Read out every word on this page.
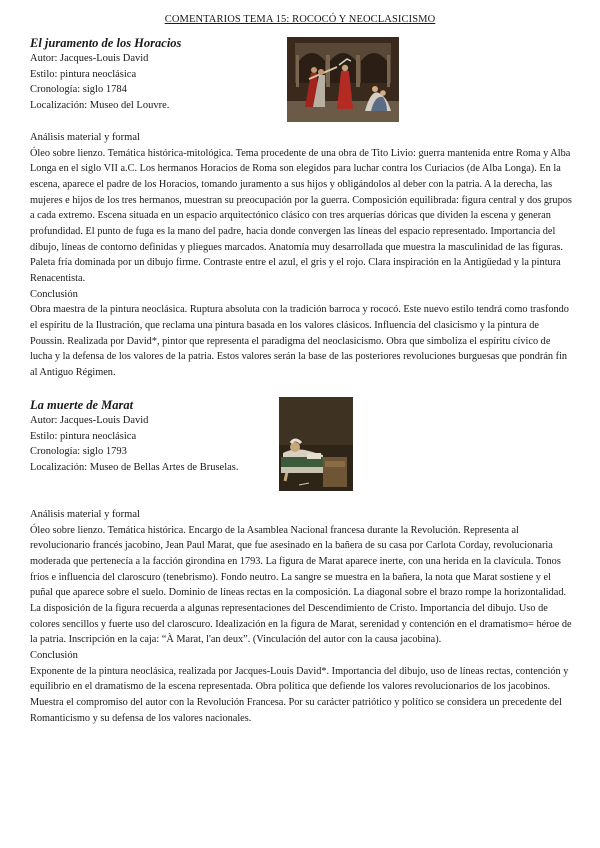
COMENTARIOS TEMA 15: ROCOCÓ Y NEOCLASICISMO
El juramento de los Horacios
Autor: Jacques-Louis David
Estilo: pintura neoclásica
Cronología: siglo 1784
Localización: Museo del Louvre.
Análisis material y formal

Óleo sobre lienzo. Temática histórica-mitológica. Tema procedente de una obra de Tito Livio: guerra mantenida entre Roma y Alba Longa en el siglo VII a.C. Los hermanos Horacios de Roma son elegidos para luchar contra los Curiacios (de Alba Longa). En la escena, aparece el padre de los Horacios, tomando juramento a sus hijos y obligándolos al deber con la patria. A la derecha, las mujeres e hijos de los tres hermanos, muestran su preocupación por la guerra. Composición equilibrada: figura central y dos grupos a cada extremo. Escena situada en un espacio arquitectónico clásico con tres arquerías dóricas que dividen la escena y generan profundidad. El punto de fuga es la mano del padre, hacia donde convergen las líneas del espacio representado. Importancia del dibujo, líneas de contorno definidas y pliegues marcados. Anatomía muy desarrollada que muestra la masculinidad de las figuras. Paleta fría dominada por un dibujo firme. Contraste entre el azul, el gris y el rojo. Clara inspiración en la Antigüedad y la pintura Renacentista.

Conclusión

Obra maestra de la pintura neoclásica. Ruptura absoluta con la tradición barroca y rococó. Este nuevo estilo tendrá como trasfondo el espíritu de la Ilustración, que reclama una pintura basada en los valores clásicos. Influencia del clasicismo y la pintura de Poussin. Realizada por David*, pintor que representa el paradigma del neoclasicismo. Obra que simboliza el espíritu cívico de lucha y la defensa de los valores de la patria. Estos valores serán la base de las posteriores revoluciones burguesas que pondrán fin al Antiguo Régimen.

La muerte de Marat
Autor: Jacques-Louis David
Estilo: pintura neoclásica
Cronología: siglo 1793
Localización: Museo de Bellas Artes de Bruselas.
Análisis material y formal

Óleo sobre lienzo. Temática histórica. Encargo de la Asamblea Nacional francesa durante la Revolución. Representa al revolucionario francés jacobino, Jean Paul Marat, que fue asesinado en la bañera de su casa por Carlota Corday, revolucionaria moderada que pertenecía a la facción girondina en 1793. La figura de Marat aparece inerte, con una herida en la clavícula. Tonos fríos e influencia del claroscuro (tenebrismo). Fondo neutro. La sangre se muestra en la bañera, la nota que Marat sostiene y el puñal que aparece sobre el suelo. Dominio de líneas rectas en la composición. La diagonal sobre el brazo rompe la horizontalidad. La disposición de la figura recuerda a algunas representaciones del Descendimiento de Cristo. Importancia del dibujo. Uso de colores sencillos y fuerte uso del claroscuro. Idealización en la figura de Marat, serenidad y contención en el dramatismo= héroe de la patria. Inscripción en la caja: “À Marat, l'an deux”. (Vinculación del autor con la causa jacobina).

Conclusión

Exponente de la pintura neoclásica, realizada por Jacques-Louis David*. Importancia del dibujo, uso de líneas rectas, contención y equilibrio en el dramatismo de la escena representada. Obra política que defiende los valores revolucionarios de los jacobinos. Muestra el compromiso del autor con la Revolución Francesa. Por su carácter patriótico y político se considera un precedente del Romanticismo y su defensa de los valores nacionales.
